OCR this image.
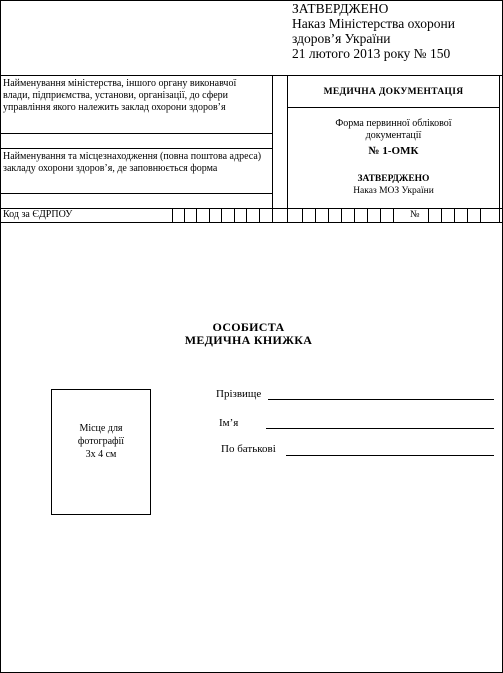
ЗАТВЕРДЖЕНО
Наказ Міністерства охорони
здоров’я України
21 лютого 2013 року № 150
Найменування міністерства, іншого органу виконавчої влади, підприємства, установи, організації, до сфери управління якого належить заклад охорони здоров’я
Найменування та місцезнаходження (повна поштова адреса) закладу охорони здоров’я, де заповнюється форма
МЕДИЧНА ДОКУМЕНТАЦІЯ
Форма первинної облікової
документації
№ 1-ОМК
ЗАТВЕРДЖЕНО
Наказ МОЗ України
Код за ЄДРПОУ	№
ОСОБИСТА
МЕДИЧНА КНИЖКА
Місце для
фотографії
3х 4 см
Прізвище
Ім’я
По батькові
